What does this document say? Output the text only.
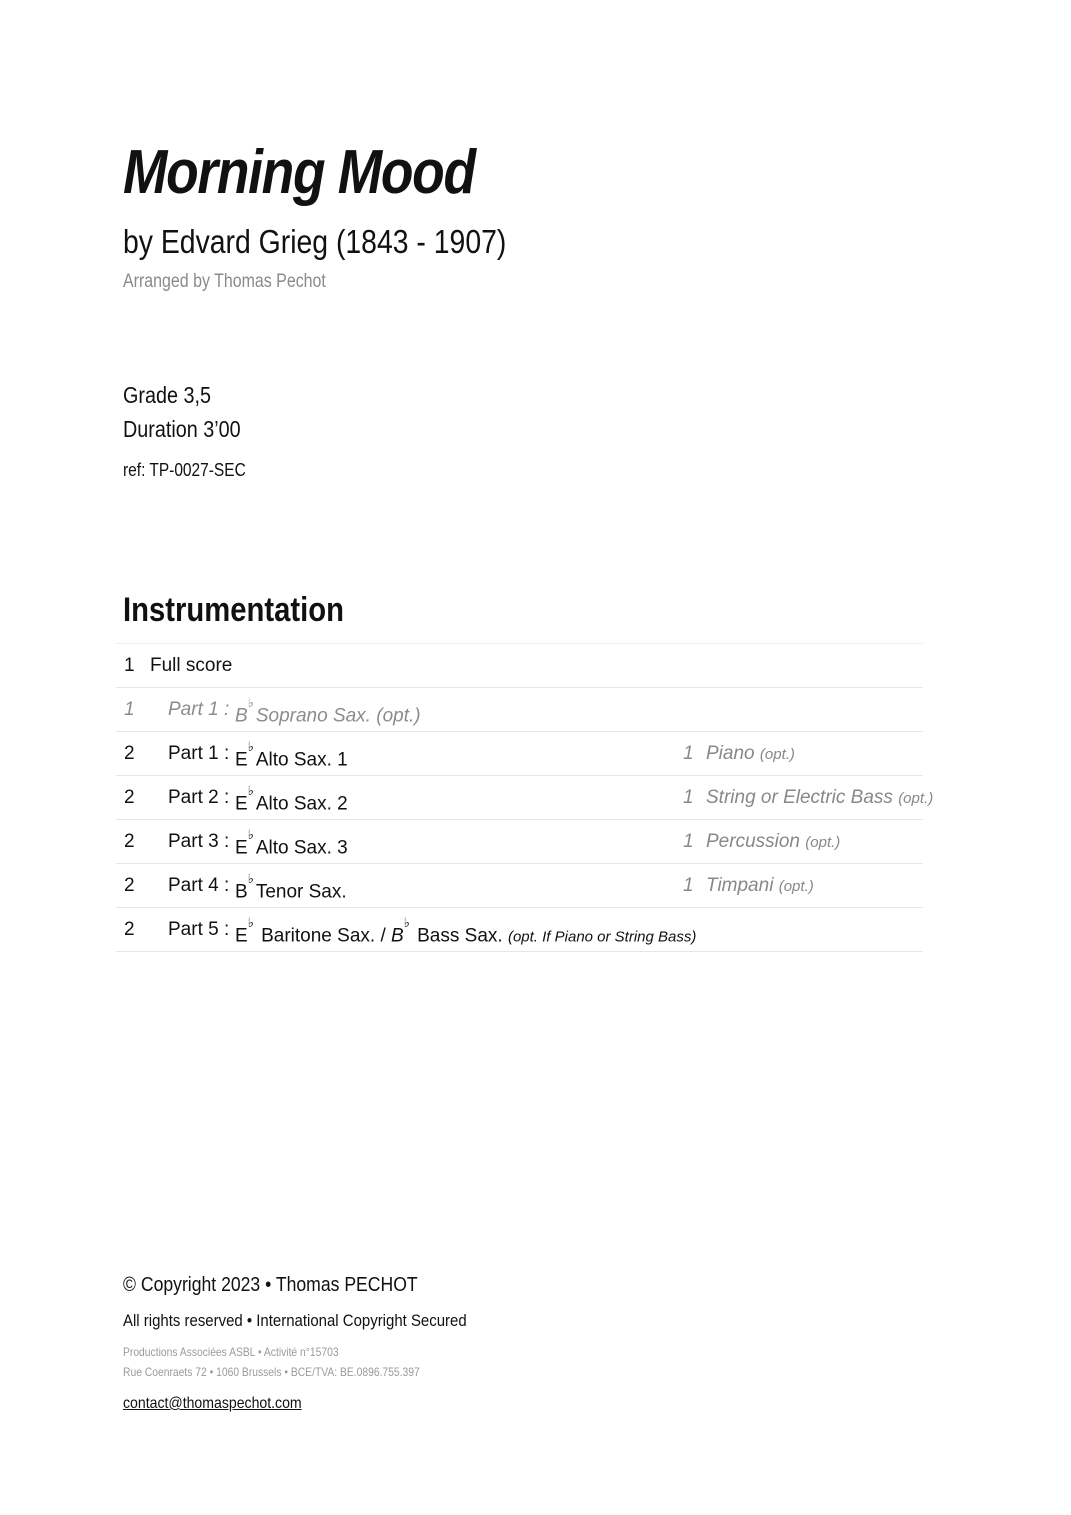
Morning Mood
by Edvard Grieg (1843 - 1907)
Arranged by Thomas Pechot
Grade 3,5
Duration 3’00
ref: TP-0027-SEC
Instrumentation
1 Full score
1 Part 1 : B♭Soprano Sax. (opt.)
2 Part 1 : E♭Alto Sax. 1	1 Piano (opt.)
2 Part 2 : E♭Alto Sax. 2	1 String or Electric Bass (opt.)
2 Part 3 : E♭Alto Sax. 3	1 Percussion (opt.)
2 Part 4 : B♭Tenor Sax.	1 Timpani (opt.)
2 Part 5 : E♭ Baritone Sax. / B♭ Bass Sax. (opt. If Piano or String Bass)
© Copyright 2023 • Thomas PECHOT
All rights reserved • International Copyright Secured
Productions Associées ASBL • Activité n°15703
Rue Coenraets 72 • 1060 Brussels • BCE/TVA: BE.0896.755.397
contact@thomaspechot.com
